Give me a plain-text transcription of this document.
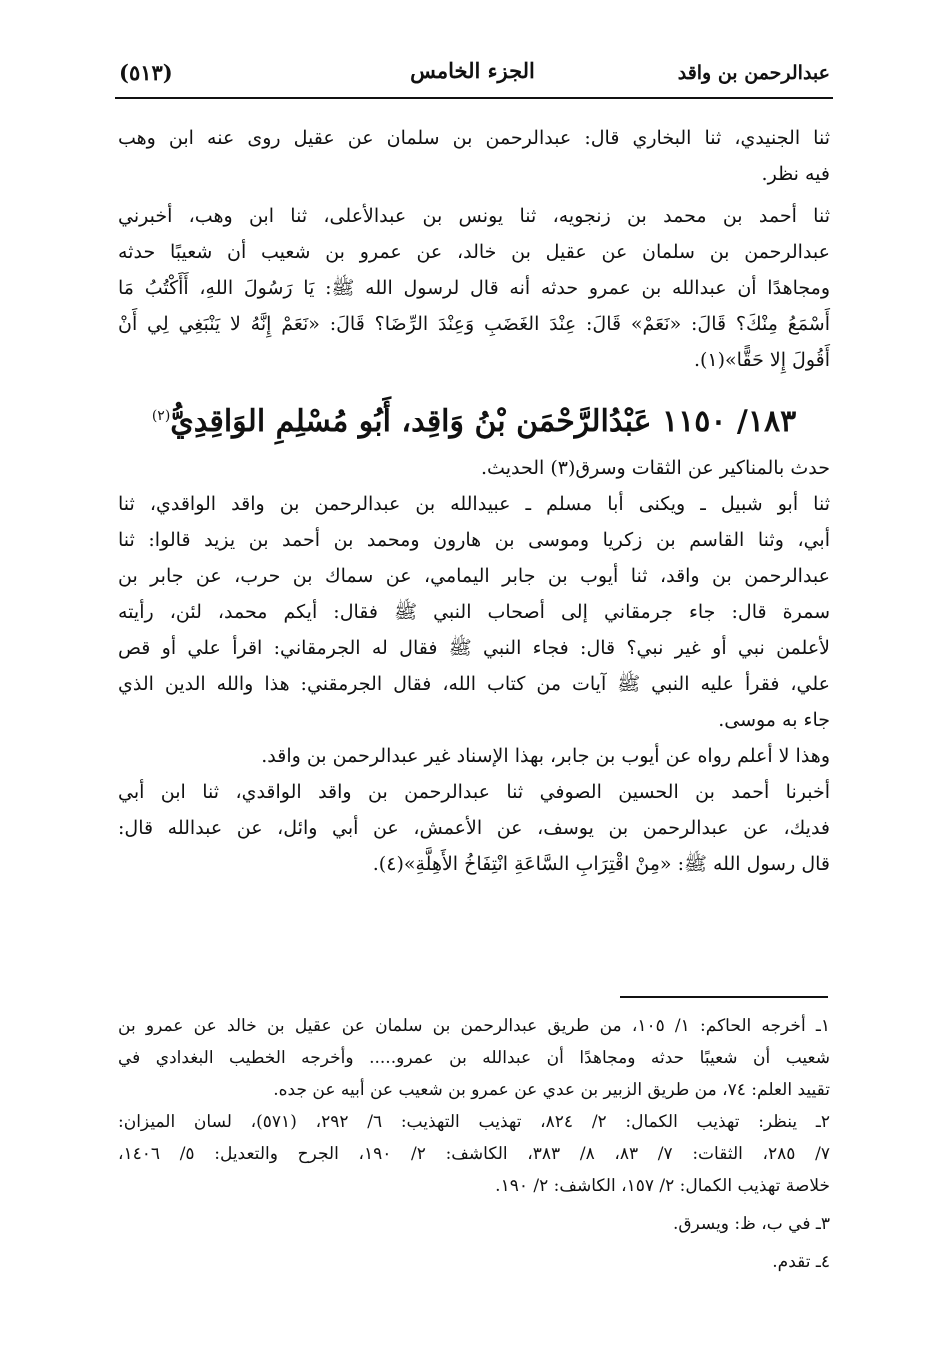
عبدالرحمن بن واقد
الجزء الخامس
(٥١٣)
ثنا الجنيدي، ثنا البخاري قال: عبدالرحمن بن سلمان عن عقيل روى عنه ابن وهب
فيه نظر.
ثنا أحمد بن محمد بن زنجويه، ثنا يونس بن عبدالأعلى، ثنا ابن وهب، أخبرني
عبدالرحمن بن سلمان عن عقيل بن خالد، عن عمرو بن شعيب أن شعيبًا حدثه
ومجاهدًا أن عبدالله بن عمرو حدثه أنه قال لرسول الله ﷺ: يَا رَسُولَ اللهِ، أَأَكْتُبُ مَا
أَسْمَعُ مِنْكَ؟ قَالَ: «نَعَمْ» قَالَ: عِنْدَ الغَضَبِ وَعِنْدَ الرِّضَا؟ قَالَ: «نَعَمْ إِنَّهُ لا يَنْبَغِي لِي أَنْ
أَقُولَ إِلا حَقًّا»(١).
١٨٣/ ١١٥٠ عَبْدُالرَّحْمَن بْنُ وَاقِد، أَبُو مُسْلِمِ الوَاقِدِيُّ$^{(٢)}$
حدث بالمناكير عن الثقات وسرق(٣) الحديث.
ثنا أبو شبيل ـ ويكنى أبا مسلم ـ عبيدالله بن عبدالرحمن بن واقد الواقدي، ثنا
أبي، وثنا القاسم بن زكريا وموسى بن هارون ومحمد بن أحمد بن يزيد قالوا: ثنا
عبدالرحمن بن واقد، ثنا أيوب بن جابر اليمامي، عن سماك بن حرب، عن جابر بن
سمرة قال: جاء جرمقاني إلى أصحاب النبي ﷺ فقال: أيكم محمد، لئن، رأيته
لأعلمن نبي أو غير نبي؟ قال: فجاء النبي ﷺ فقال له الجرمقاني: اقرأ علي أو قص
علي، فقرأ عليه النبي ﷺ آيات من كتاب الله، فقال الجرمقني: هذا والله الدين الذي
جاء به موسى.
وهذا لا أعلم رواه عن أيوب بن جابر، بهذا الإسناد غير عبدالرحمن بن واقد.
أخبرنا أحمد بن الحسين الصوفي ثنا عبدالرحمن بن واقد الواقدي، ثنا ابن أبي
فديك، عن عبدالرحمن بن يوسف، عن الأعمش، عن أبي وائل، عن عبدالله قال:
قال رسول الله ﷺ: «مِنْ اقْتِرَابِ السَّاعَةِ انْتِفَاخُ الأَهِلَّةِ»(٤).
١ـ أخرجه الحاكم: ١/ ١٠٥، من طريق عبدالرحمن بن سلمان عن عقيل بن خالد عن عمرو بن
شعيب أن شعيبًا حدثه ومجاهدًا أن عبدالله بن عمرو..... وأخرجه الخطيب البغدادي في
تقييد العلم: ٧٤، من طريق الزبير بن عدي عن عمرو بن شعيب عن أبيه عن جده.
٢ـ ينظر: تهذيب الكمال: ٢/ ٨٢٤، تهذيب التهذيب: ٦/ ٢٩٢، (٥٧١)، لسان الميزان:
٧/ ٢٨٥، الثقات: ٧/ ٨٣، ٨/ ٣٨٣، الكاشف: ٢/ ١٩٠، الجرح والتعديل: ٥/ ١٤٠٦،
خلاصة تهذيب الكمال: ٢/ ١٥٧، الكاشف: ٢/ ١٩٠.
٣ـ في ب، ظ: ويسرق.
٤ـ تقدم.
